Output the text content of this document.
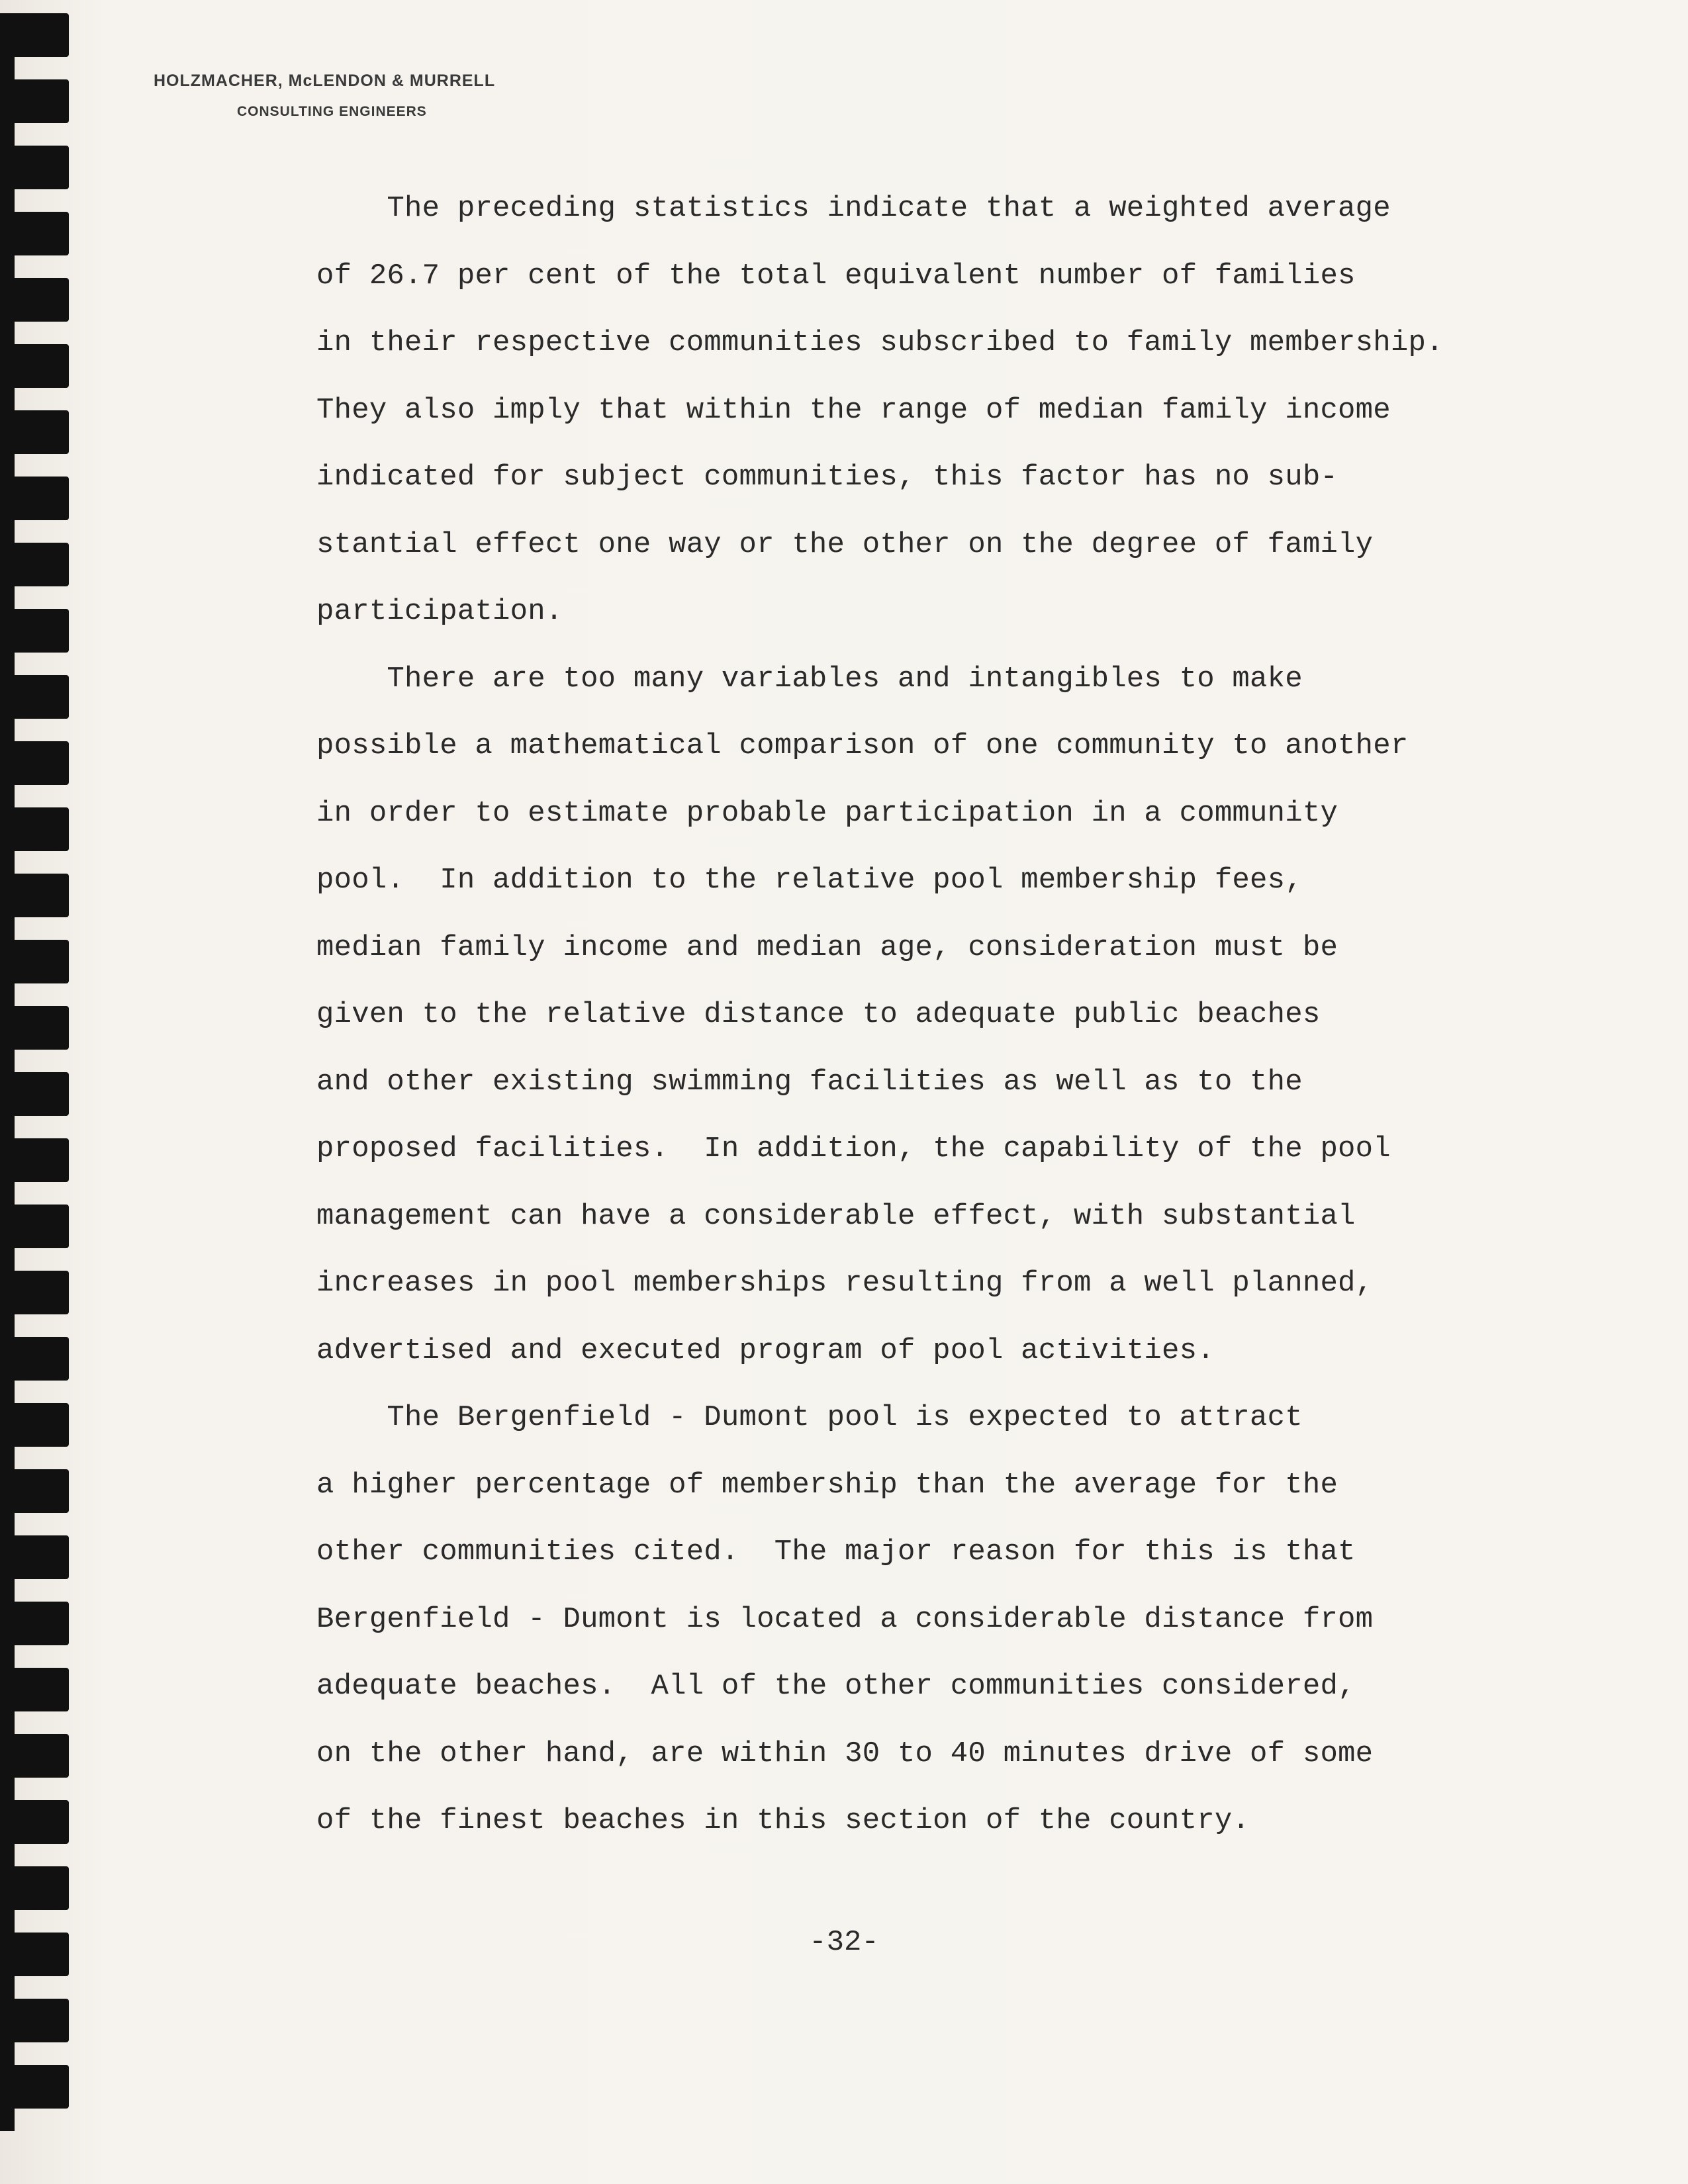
HOLZMACHER, McLENDON & MURRELL
CONSULTING ENGINEERS
The preceding statistics indicate that a weighted average
of 26.7 per cent of the total equivalent number of families
in their respective communities subscribed to family membership.
They also imply that within the range of median family income
indicated for subject communities, this factor has no sub-
stantial effect one way or the other on the degree of family
participation.
There are too many variables and intangibles to make
possible a mathematical comparison of one community to another
in order to estimate probable participation in a community
pool.  In addition to the relative pool membership fees,
median family income and median age, consideration must be
given to the relative distance to adequate public beaches
and other existing swimming facilities as well as to the
proposed facilities.  In addition, the capability of the pool
management can have a considerable effect, with substantial
increases in pool memberships resulting from a well planned,
advertised and executed program of pool activities.
The Bergenfield - Dumont pool is expected to attract
a higher percentage of membership than the average for the
other communities cited.  The major reason for this is that
Bergenfield - Dumont is located a considerable distance from
adequate beaches.  All of the other communities considered,
on the other hand, are within 30 to 40 minutes drive of some
of the finest beaches in this section of the country.
-32-
